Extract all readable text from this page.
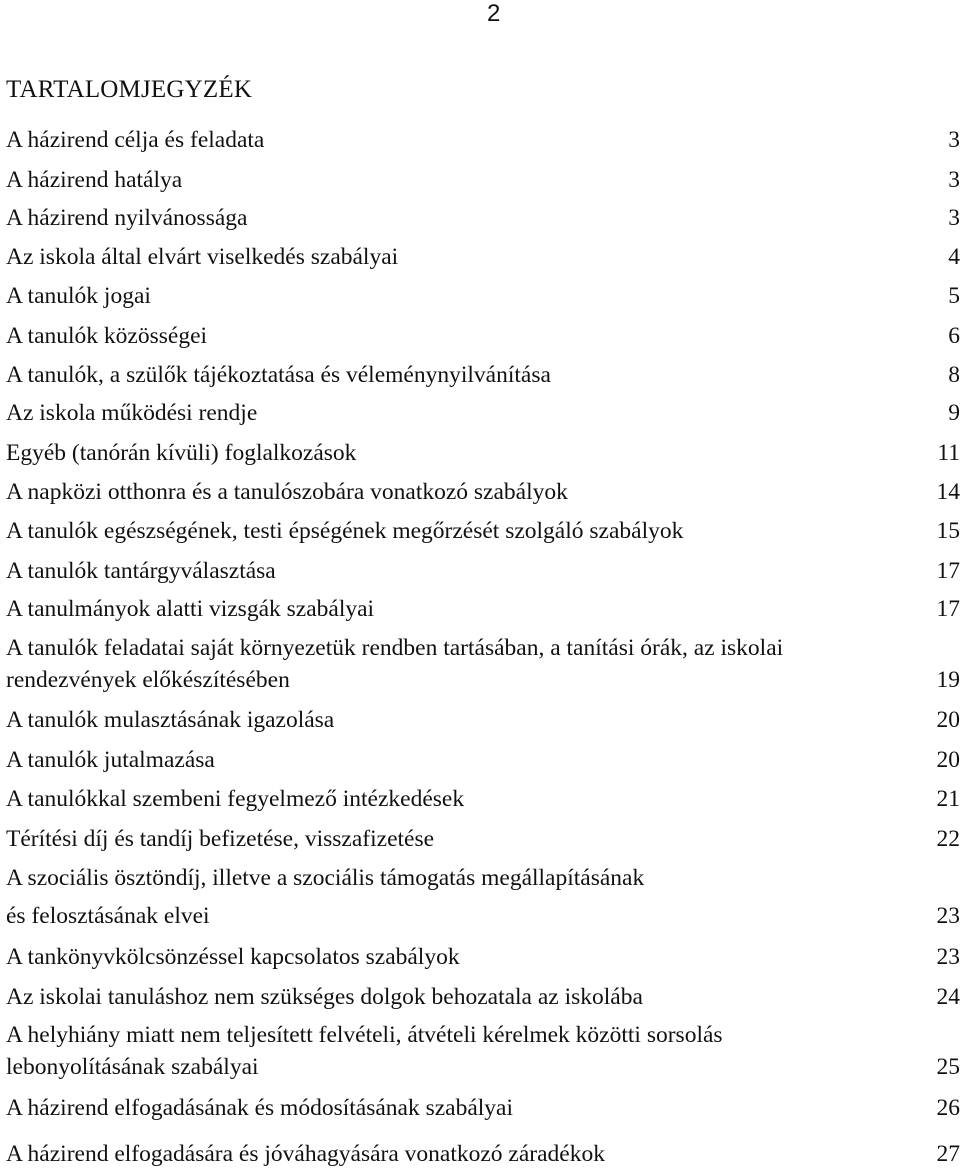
2
TARTALOMJEGYZÉK
A házirend célja és feladata	3
A házirend hatálya	3
A házirend nyilvánossága	3
Az iskola által elvárt viselkedés szabályai	4
A tanulók jogai	5
A tanulók közösségei	6
A tanulók, a szülők tájékoztatása és véleménynyilvánítása	8
Az iskola működési rendje	9
Egyéb (tanórán kívüli) foglalkozások	11
A napközi otthonra és a tanulószobára vonatkozó szabályok	14
A tanulók egészségének, testi épségének megőrzését szolgáló szabályok	15
A tanulók tantárgyválasztása	17
A tanulmányok alatti vizsgák szabályai	17
A tanulók feladatai saját környezetük rendben tartásában, a tanítási órák, az iskolai
rendezvények előkészítésében	19
A tanulók mulasztásának igazolása	20
A tanulók jutalmazása	20
A tanulókkal szembeni fegyelmező intézkedések	21
Térítési díj és tandíj befizetése, visszafizetése	22
A szociális ösztöndíj, illetve a szociális támogatás megállapításának
és felosztásának elvei	23
A tankönyvkölcsönzéssel kapcsolatos szabályok	23
Az iskolai tanuláshoz nem szükséges dolgok behozatala az iskolába	24
A helyhiány miatt nem teljesített felvételi, átvételi kérelmek közötti sorsolás
lebonyolításának szabályai	25
A házirend elfogadásának és módosításának szabályai	26
A házirend elfogadására és jóváhagyására vonatkozó záradékok	27
